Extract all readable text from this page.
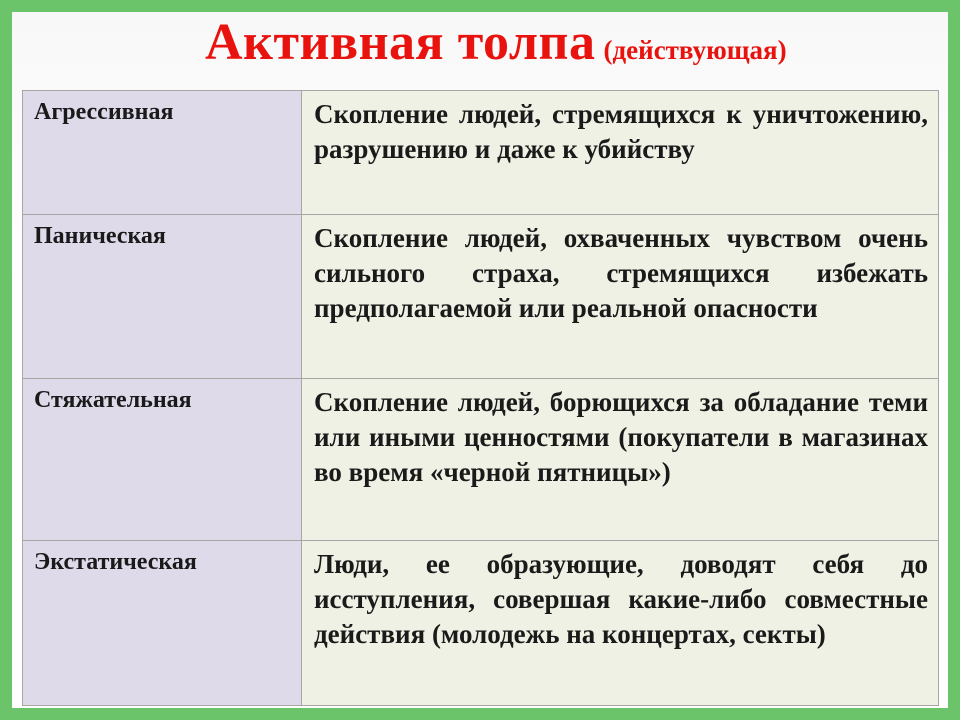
Активная толпа (действующая)
Агрессивная	Скопление людей, стремящихся к уничтожению, разрушению и даже к убийству
Паническая	Скопление людей, охваченных чувством очень сильного страха, стремящихся избежать предполагаемой или реальной опасности
Стяжательная	Скопление людей, борющихся за обладание теми или иными ценностями (покупатели в магазинах во время «черной пятницы»)
Экстатическая	Люди, ее образующие, доводят себя до исступления, совершая какие-либо совместные действия (молодежь на концертах, секты)
